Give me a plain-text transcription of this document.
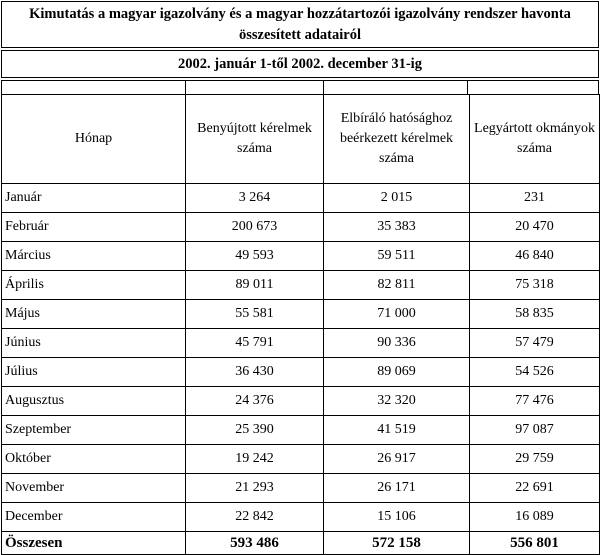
Kimutatás a magyar igazolvány és a magyar hozzátartozói igazolvány rendszer havonta összesített adatairól
2002. január 1-től 2002. december 31-ig
Hónap	Benyújtott kérelmek száma	Elbíráló hatósághoz beérkezett kérelmek száma	Legyártott okmányok száma
Január	3 264	2 015	231
Február	200 673	35 383	20 470
Március	49 593	59 511	46 840
Április	89 011	82 811	75 318
Május	55 581	71 000	58 835
Június	45 791	90 336	57 479
Július	36 430	89 069	54 526
Augusztus	24 376	32 320	77 476
Szeptember	25 390	41 519	97 087
Október	19 242	26 917	29 759
November	21 293	26 171	22 691
December	22 842	15 106	16 089
Összesen	593 486	572 158	556 801
